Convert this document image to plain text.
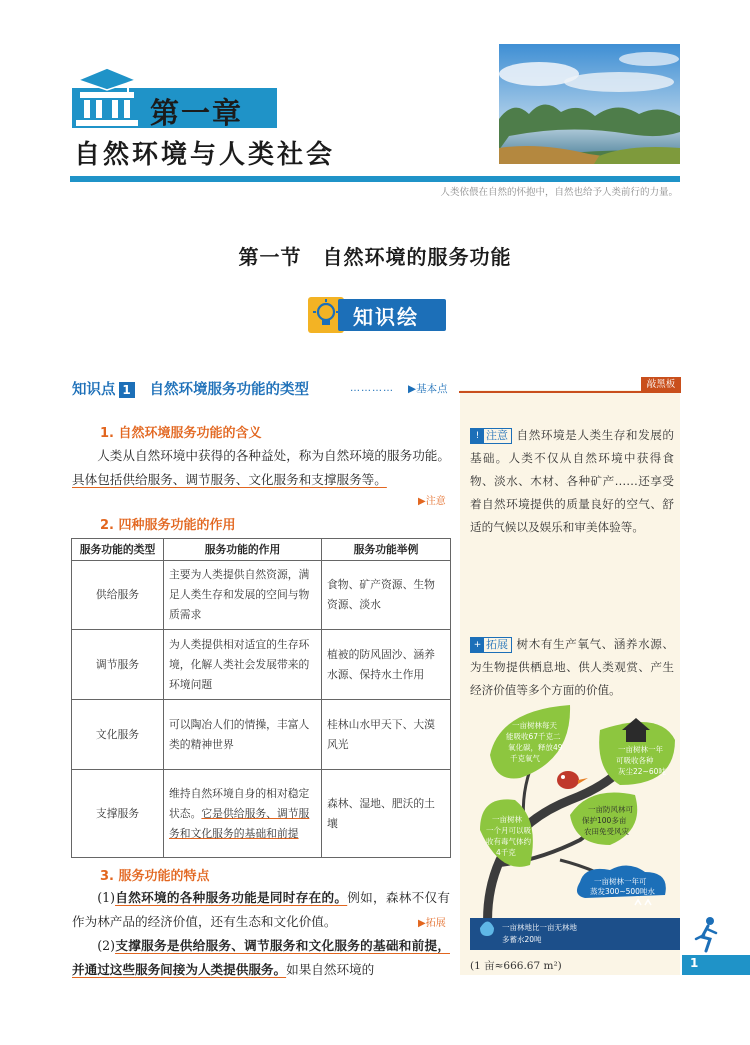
第一章
自然环境与人类社会
人类依偎在自然的怀抱中，自然也给予人类前行的力量。
第一节　自然环境的服务功能
知识绘
知识点 1 自然环境服务功能的类型	………… ▶基本点
1. 自然环境服务功能的含义
人类从自然环境中获得的各种益处，称为自然环境的服务功能。具体包括供给服务、调节服务、文化服务和支撑服务等。
▶注意
2. 四种服务功能的作用
服务功能的类型	服务功能的作用	服务功能举例
供给服务	主要为人类提供自然资源，满足人类生存和发展的空间与物质需求	食物、矿产资源、生物资源、淡水
调节服务	为人类提供相对适宜的生存环境，化解人类社会发展带来的环境问题	植被的防风固沙、涵养水源、保持水土作用
文化服务	可以陶冶人们的情操，丰富人类的精神世界	桂林山水甲天下、大漠风光
支撑服务	维持自然环境自身的相对稳定状态。它是供给服务、调节服务和文化服务的基础和前提	森林、湿地、肥沃的土壤
3. 服务功能的特点
(1)自然环境的各种服务功能是同时存在的。例如，森林不仅有作为林产品的经济价值，还有生态和文化价值。	▶拓展
(2)支撑服务是供给服务、调节服务和文化服务的基础和前提，并通过这些服务间接为人类提供服务。如果自然环境的
敲黑板
! 注意 自然环境是人类生存和发展的基础。人类不仅从自然环境中获得食物、淡水、木材、各种矿产……还享受着自然环境提供的质量良好的空气、舒适的气候以及娱乐和审美体验等。
+ 拓展 树木有生产氧气、涵养水源、为生物提供栖息地、供人类观赏、产生经济价值等多个方面的价值。
一亩树林每天 能吸收67千克二 氧化碳，释放49 千克氧气
一亩树林一年 可吸收各种 灰尘22~60吨
一亩防风林可 保护100多亩 农田免受风灾
一亩树林 一个月可以吸 收有毒气体约 4千克
一亩树林一年可 蒸发300~500吨水
一亩林地比一亩无林地 多蓄水20吨
(1 亩≈666.67 m²)	1
